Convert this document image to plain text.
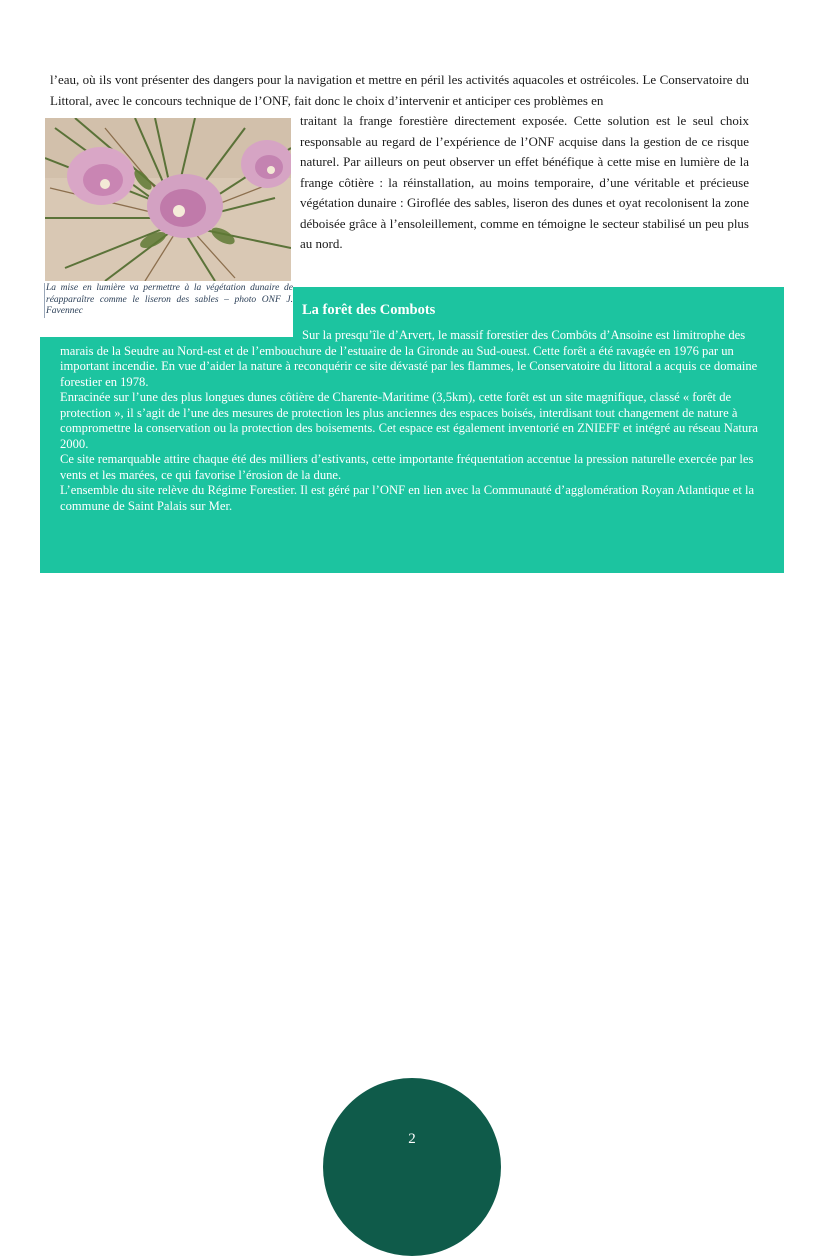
l’eau, où ils vont présenter des dangers pour la navigation et mettre en péril les activités aquacoles et ostréicoles. Le Conservatoire du Littoral, avec le concours technique de l’ONF, fait donc le choix d’intervenir et anticiper ces problèmes en

traitant la frange forestière directement exposée. Cette solution est le seul choix responsable au regard de l’expérience de l’ONF acquise dans la gestion de ce risque naturel. Par ailleurs on peut observer un effet bénéfique à cette mise en lumière de la frange côtière : la réinstallation, au moins temporaire, d’une véritable et précieuse végétation dunaire : Giroflée des sables, liseron des dunes et oyat recolonisent la zone déboisée grâce à l’ensoleillement, comme en témoigne le secteur stabilisé un peu plus au nord.

La mise en lumière va permettre à la végétation dunaire de réapparaître comme le liseron des sables – photo ONF J. Favennec	La forêt des Combots

Sur la presqu’île d’Arvert, le massif forestier des Combôts d’Ansoine est limitrophe des marais de la Seudre au Nord-est et de l’embouchure de l’estuaire de la Gironde au Sud-ouest. Cette forêt a été ravagée en 1976 par un important incendie. En vue d’aider la nature à reconquérir ce site dévasté par les flammes, le Conservatoire du littoral a acquis ce domaine forestier en 1978.

Enracinée sur l’une des plus longues dunes côtière de Charente-Maritime (3,5km), cette forêt est un site magnifique, classé « forêt de protection », il s’agit de l’une des mesures de protection les plus anciennes des espaces boisés, interdisant tout changement de nature à compromettre la conservation ou la protection des boisements. Cet espace est également inventorié en ZNIEFF et intégré au réseau Natura 2000.

Ce site remarquable attire chaque été des milliers d’estivants, cette importante fréquentation accentue la pression naturelle exercée par les vents et les marées, ce qui favorise l’érosion de la dune.

L’ensemble du site relève du Régime Forestier. Il est géré par l’ONF en lien avec la Communauté d’agglomération Royan Atlantique et la commune de Saint Palais sur Mer.

2
